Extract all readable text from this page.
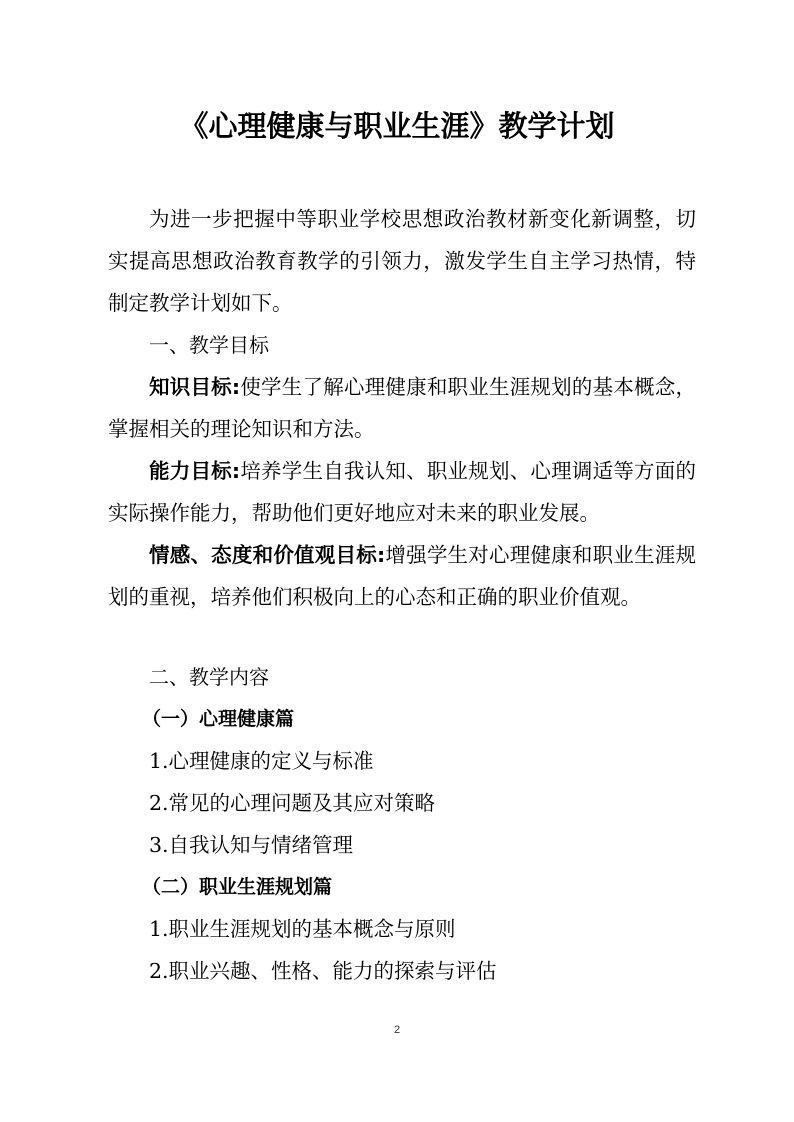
《心理健康与职业生涯》教学计划
为进一步把握中等职业学校思想政治教材新变化新调整，切实提高思想政治教育教学的引领力，激发学生自主学习热情，特制定教学计划如下。
一、教学目标
知识目标:使学生了解心理健康和职业生涯规划的基本概念，掌握相关的理论知识和方法。
能力目标:培养学生自我认知、职业规划、心理调适等方面的实际操作能力，帮助他们更好地应对未来的职业发展。
情感、态度和价值观目标:增强学生对心理健康和职业生涯规划的重视，培养他们积极向上的心态和正确的职业价值观。
二、教学内容
（一）心理健康篇
1.心理健康的定义与标准
2.常见的心理问题及其应对策略
3.自我认知与情绪管理
（二）职业生涯规划篇
1.职业生涯规划的基本概念与原则
2.职业兴趣、性格、能力的探索与评估
2
